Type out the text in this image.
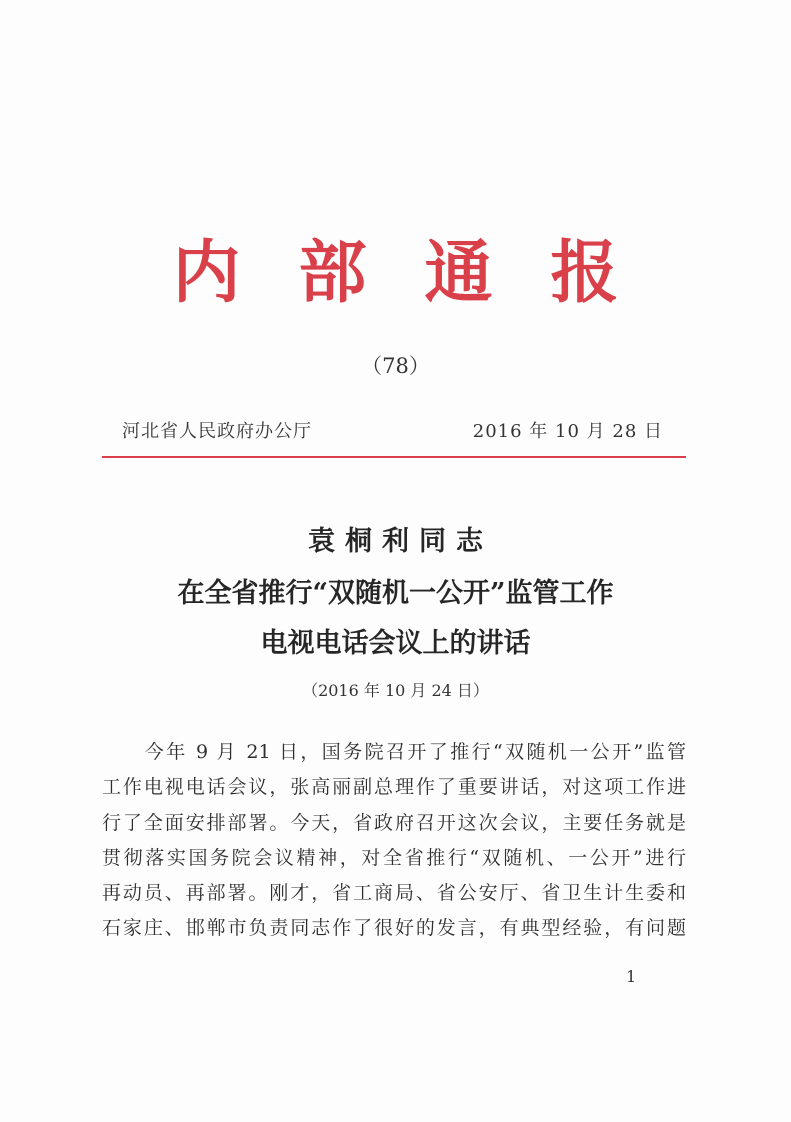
内部通报
（78）
河北省人民政府办公厅	2016 年 10 月 28 日
袁桐利同志
在全省推行“双随机一公开”监管工作
电视电话会议上的讲话
（2016 年 10 月 24 日）
　　今年 9 月 21 日，国务院召开了推行“双随机一公开”监管
工作电视电话会议，张高丽副总理作了重要讲话，对这项工作进
行了全面安排部署。今天，省政府召开这次会议，主要任务就是
贯彻落实国务院会议精神，对全省推行“双随机、一公开”进行
再动员、再部署。刚才，省工商局、省公安厅、省卫生计生委和
石家庄、邯郸市负责同志作了很好的发言，有典型经验，有问题
1
